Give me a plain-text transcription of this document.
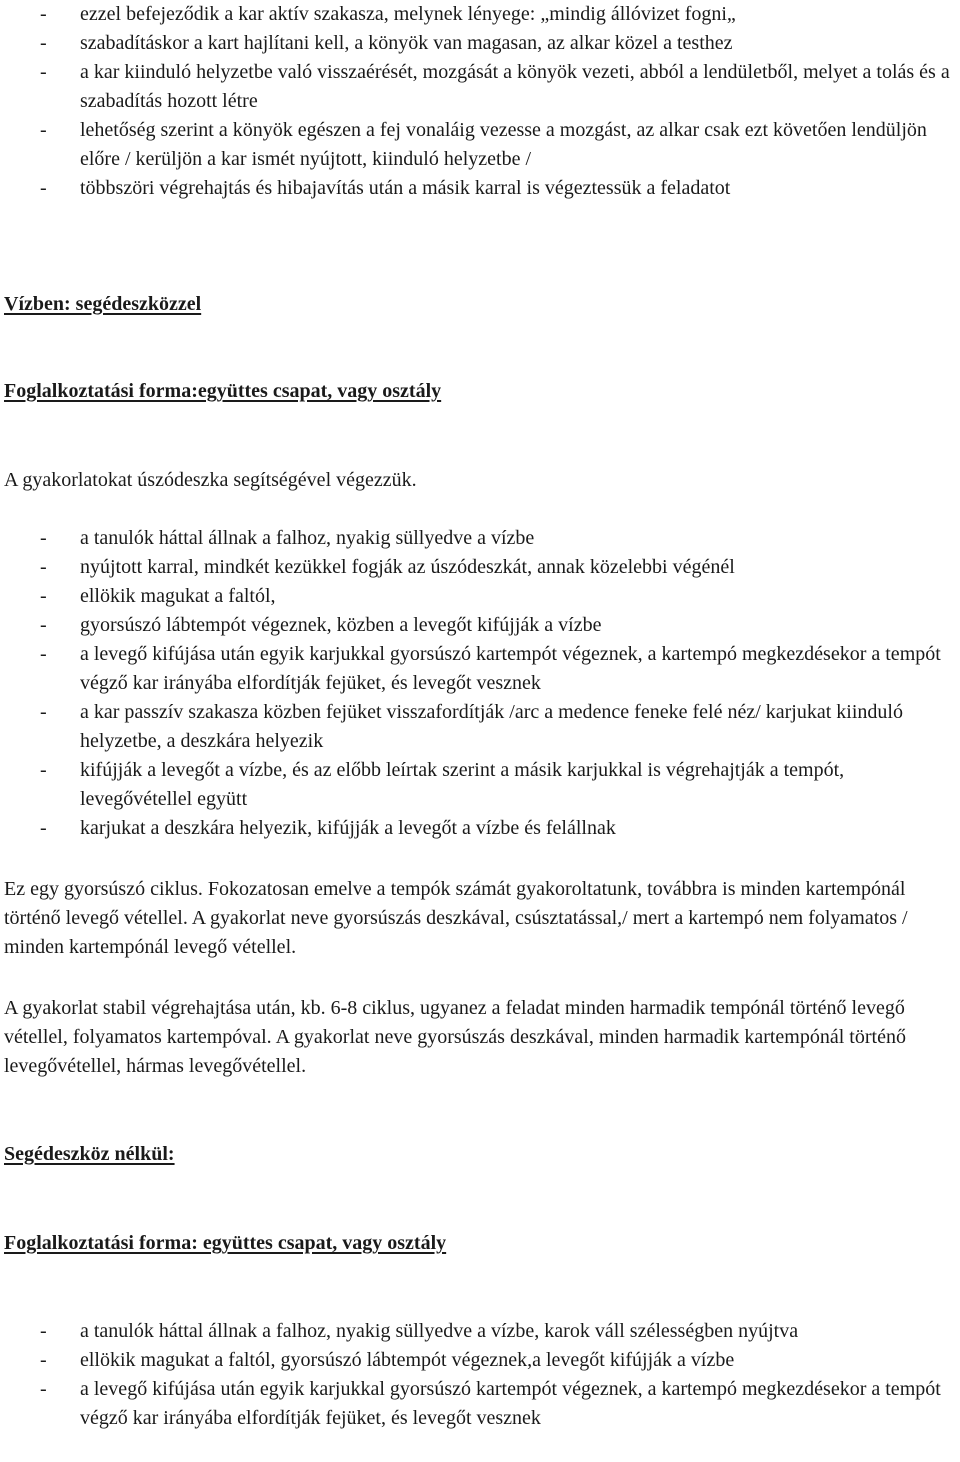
- ezzel befejeződik a kar aktív szakasza, melynek lényege: „mindig állóvizet fogni„
- szabadításkor a kart hajlítani kell, a könyök van magasan, az alkar közel a testhez
- a kar kiinduló helyzetbe való visszaérését, mozgását a könyök vezeti, abból a lendületből, melyet a tolás és a szabadítás hozott létre
- lehetőség szerint a könyök egészen a fej vonaláig vezesse a mozgást, az alkar csak ezt követően lendüljön előre / kerüljön a kar ismét nyújtott, kiinduló helyzetbe /
- többszöri végrehajtás és hibajavítás után a másik karral is végeztessük a feladatot

Vízben: segédeszközzel

Foglalkoztatási forma:együttes csapat, vagy osztály

A gyakorlatokat úszódeszka segítségével végezzük.

- a tanulók háttal állnak a falhoz, nyakig süllyedve a vízbe
- nyújtott karral, mindkét kezükkel fogják az úszódeszkát, annak közelebbi végénél
- ellökik magukat a faltól,
- gyorsúszó lábtempót végeznek, közben a levegőt kifújják a vízbe
- a levegő kifújása után egyik karjukkal gyorsúszó kartempót végeznek, a kartempó megkezdésekor a tempót végző kar irányába elfordítják fejüket, és levegőt vesznek
- a kar passzív szakasza közben fejüket visszafordítják /arc a medence feneke felé néz/ karjukat kiinduló helyzetbe, a deszkára helyezik
- kifújják a levegőt a vízbe, és az előbb leírtak szerint a másik karjukkal is végrehajtják a tempót, levegővétellel együtt
- karjukat a deszkára helyezik, kifújják a levegőt a vízbe és felállnak

Ez egy gyorsúszó ciklus. Fokozatosan emelve a tempók számát gyakoroltatunk, továbbra is minden kartempónál történő levegő vétellel. A gyakorlat neve gyorsúszás deszkával, csúsztatással,/ mert a kartempó nem folyamatos / minden kartempónál levegő vétellel.

A gyakorlat stabil végrehajtása után, kb. 6-8 ciklus, ugyanez a feladat minden harmadik tempónál történő levegő vétellel, folyamatos kartempóval. A gyakorlat neve gyorsúszás deszkával, minden harmadik kartempónál történő levegővétellel, hármas levegővétellel.

Segédeszköz nélkül:

Foglalkoztatási forma: együttes csapat, vagy osztály

- a tanulók háttal állnak a falhoz, nyakig süllyedve a vízbe, karok váll szélességben nyújtva
- ellökik magukat a faltól, gyorsúszó lábtempót végeznek,a levegőt kifújják a vízbe
- a levegő kifújása után egyik karjukkal gyorsúszó kartempót végeznek, a kartempó megkezdésekor a tempót végző kar irányába elfordítják fejüket, és levegőt vesznek
